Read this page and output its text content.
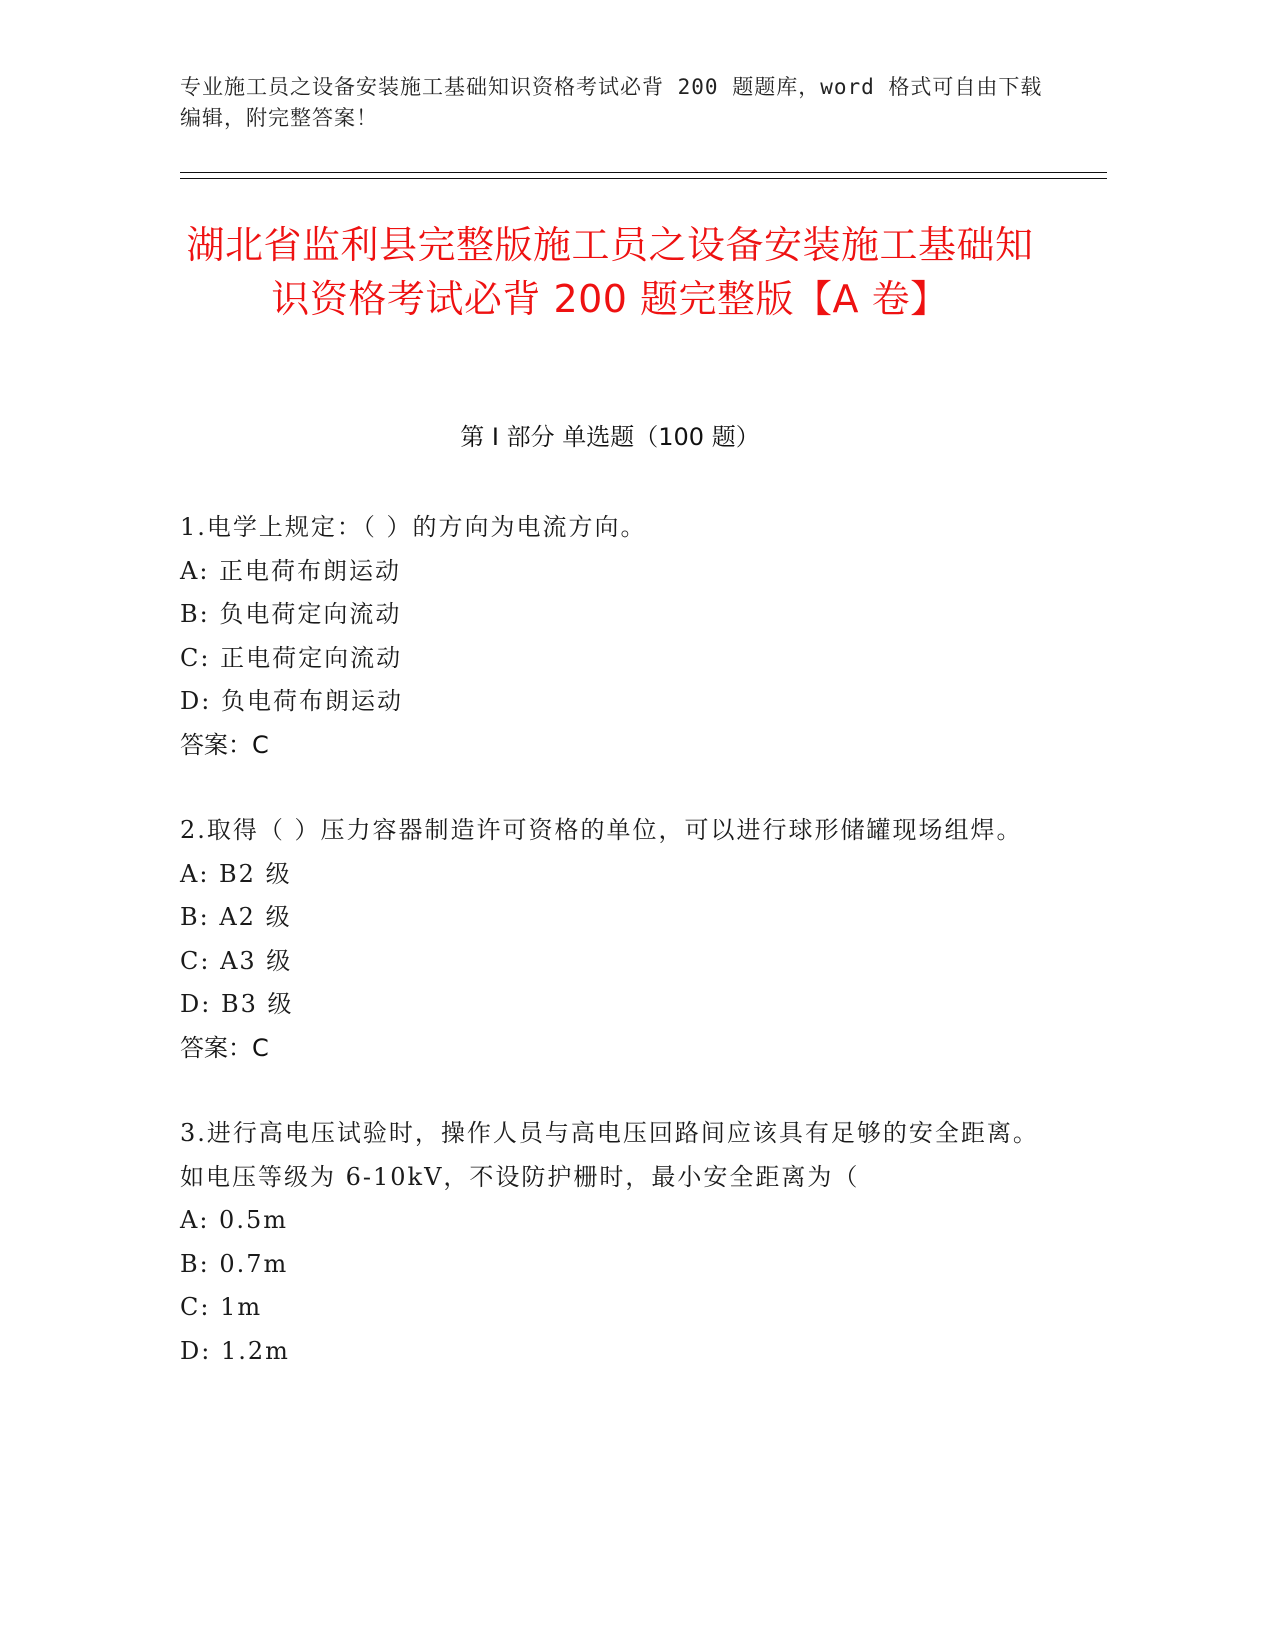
专业施工员之设备安装施工基础知识资格考试必背 200 题题库，word 格式可自由下载编辑，附完整答案！
湖北省监利县完整版施工员之设备安装施工基础知识资格考试必背 200 题完整版【A 卷】
第 I 部分 单选题（100 题）

1.电学上规定：（ ）的方向为电流方向。

A: 正电荷布朗运动

B: 负电荷定向流动

C: 正电荷定向流动

D: 负电荷布朗运动

答案：C

2.取得（ ）压力容器制造许可资格的单位，可以进行球形储罐现场组焊。

A: B2 级

B: A2 级

C: A3 级

D: B3 级

答案：C

3.进行高电压试验时，操作人员与高电压回路间应该具有足够的安全距离。如电压等级为 6-10kV，不设防护栅时，最小安全距离为（

A: 0.5m

B: 0.7m

C: 1m

D: 1.2m
